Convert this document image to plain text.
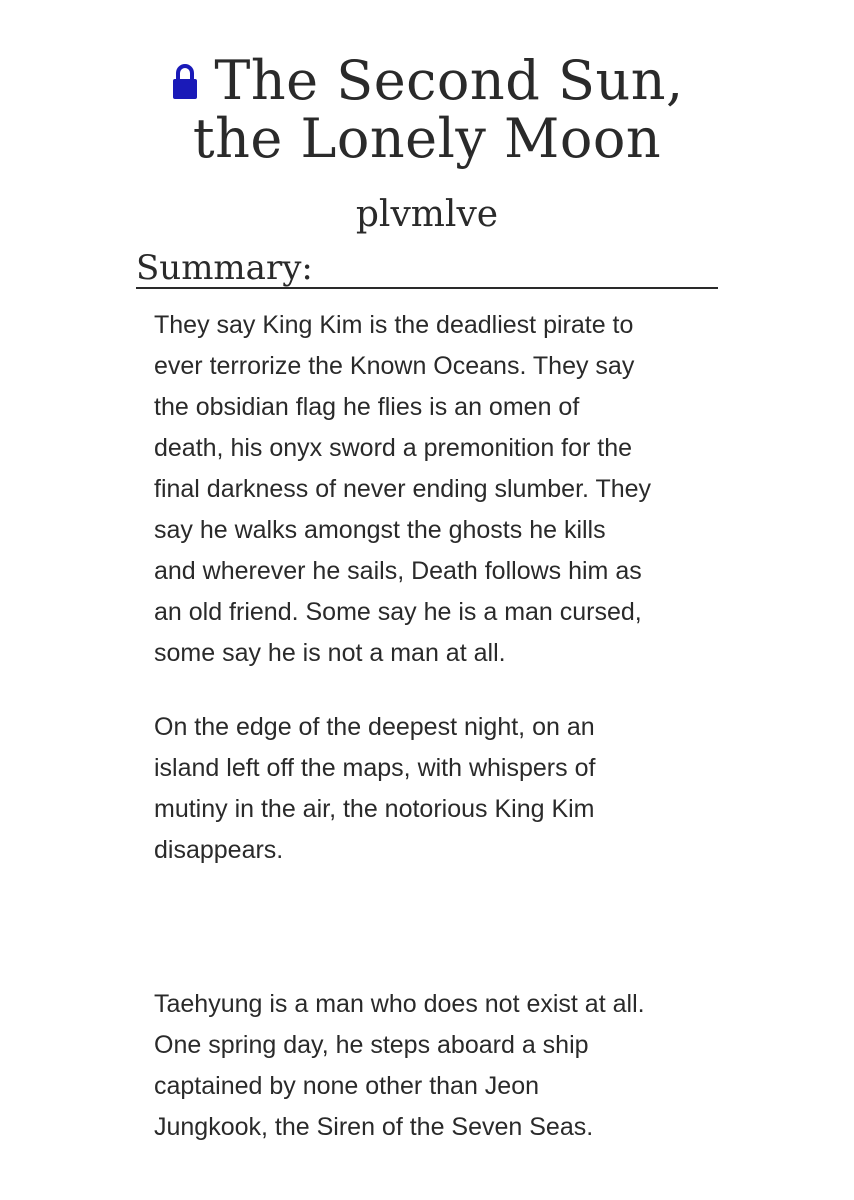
The Second Sun,
the Lonely Moon
plvmlve
Summary:

They say King Kim is the deadliest pirate to
ever terrorize the Known Oceans. They say
the obsidian flag he flies is an omen of
death, his onyx sword a premonition for the
final darkness of never ending slumber. They
say he walks amongst the ghosts he kills
and wherever he sails, Death follows him as
an old friend. Some say he is a man cursed,
some say he is not a man at all.

On the edge of the deepest night, on an
island left off the maps, with whispers of
mutiny in the air, the notorious King Kim
disappears.

Taehyung is a man who does not exist at all.
One spring day, he steps aboard a ship
captained by none other than Jeon
Jungkook, the Siren of the Seven Seas.
